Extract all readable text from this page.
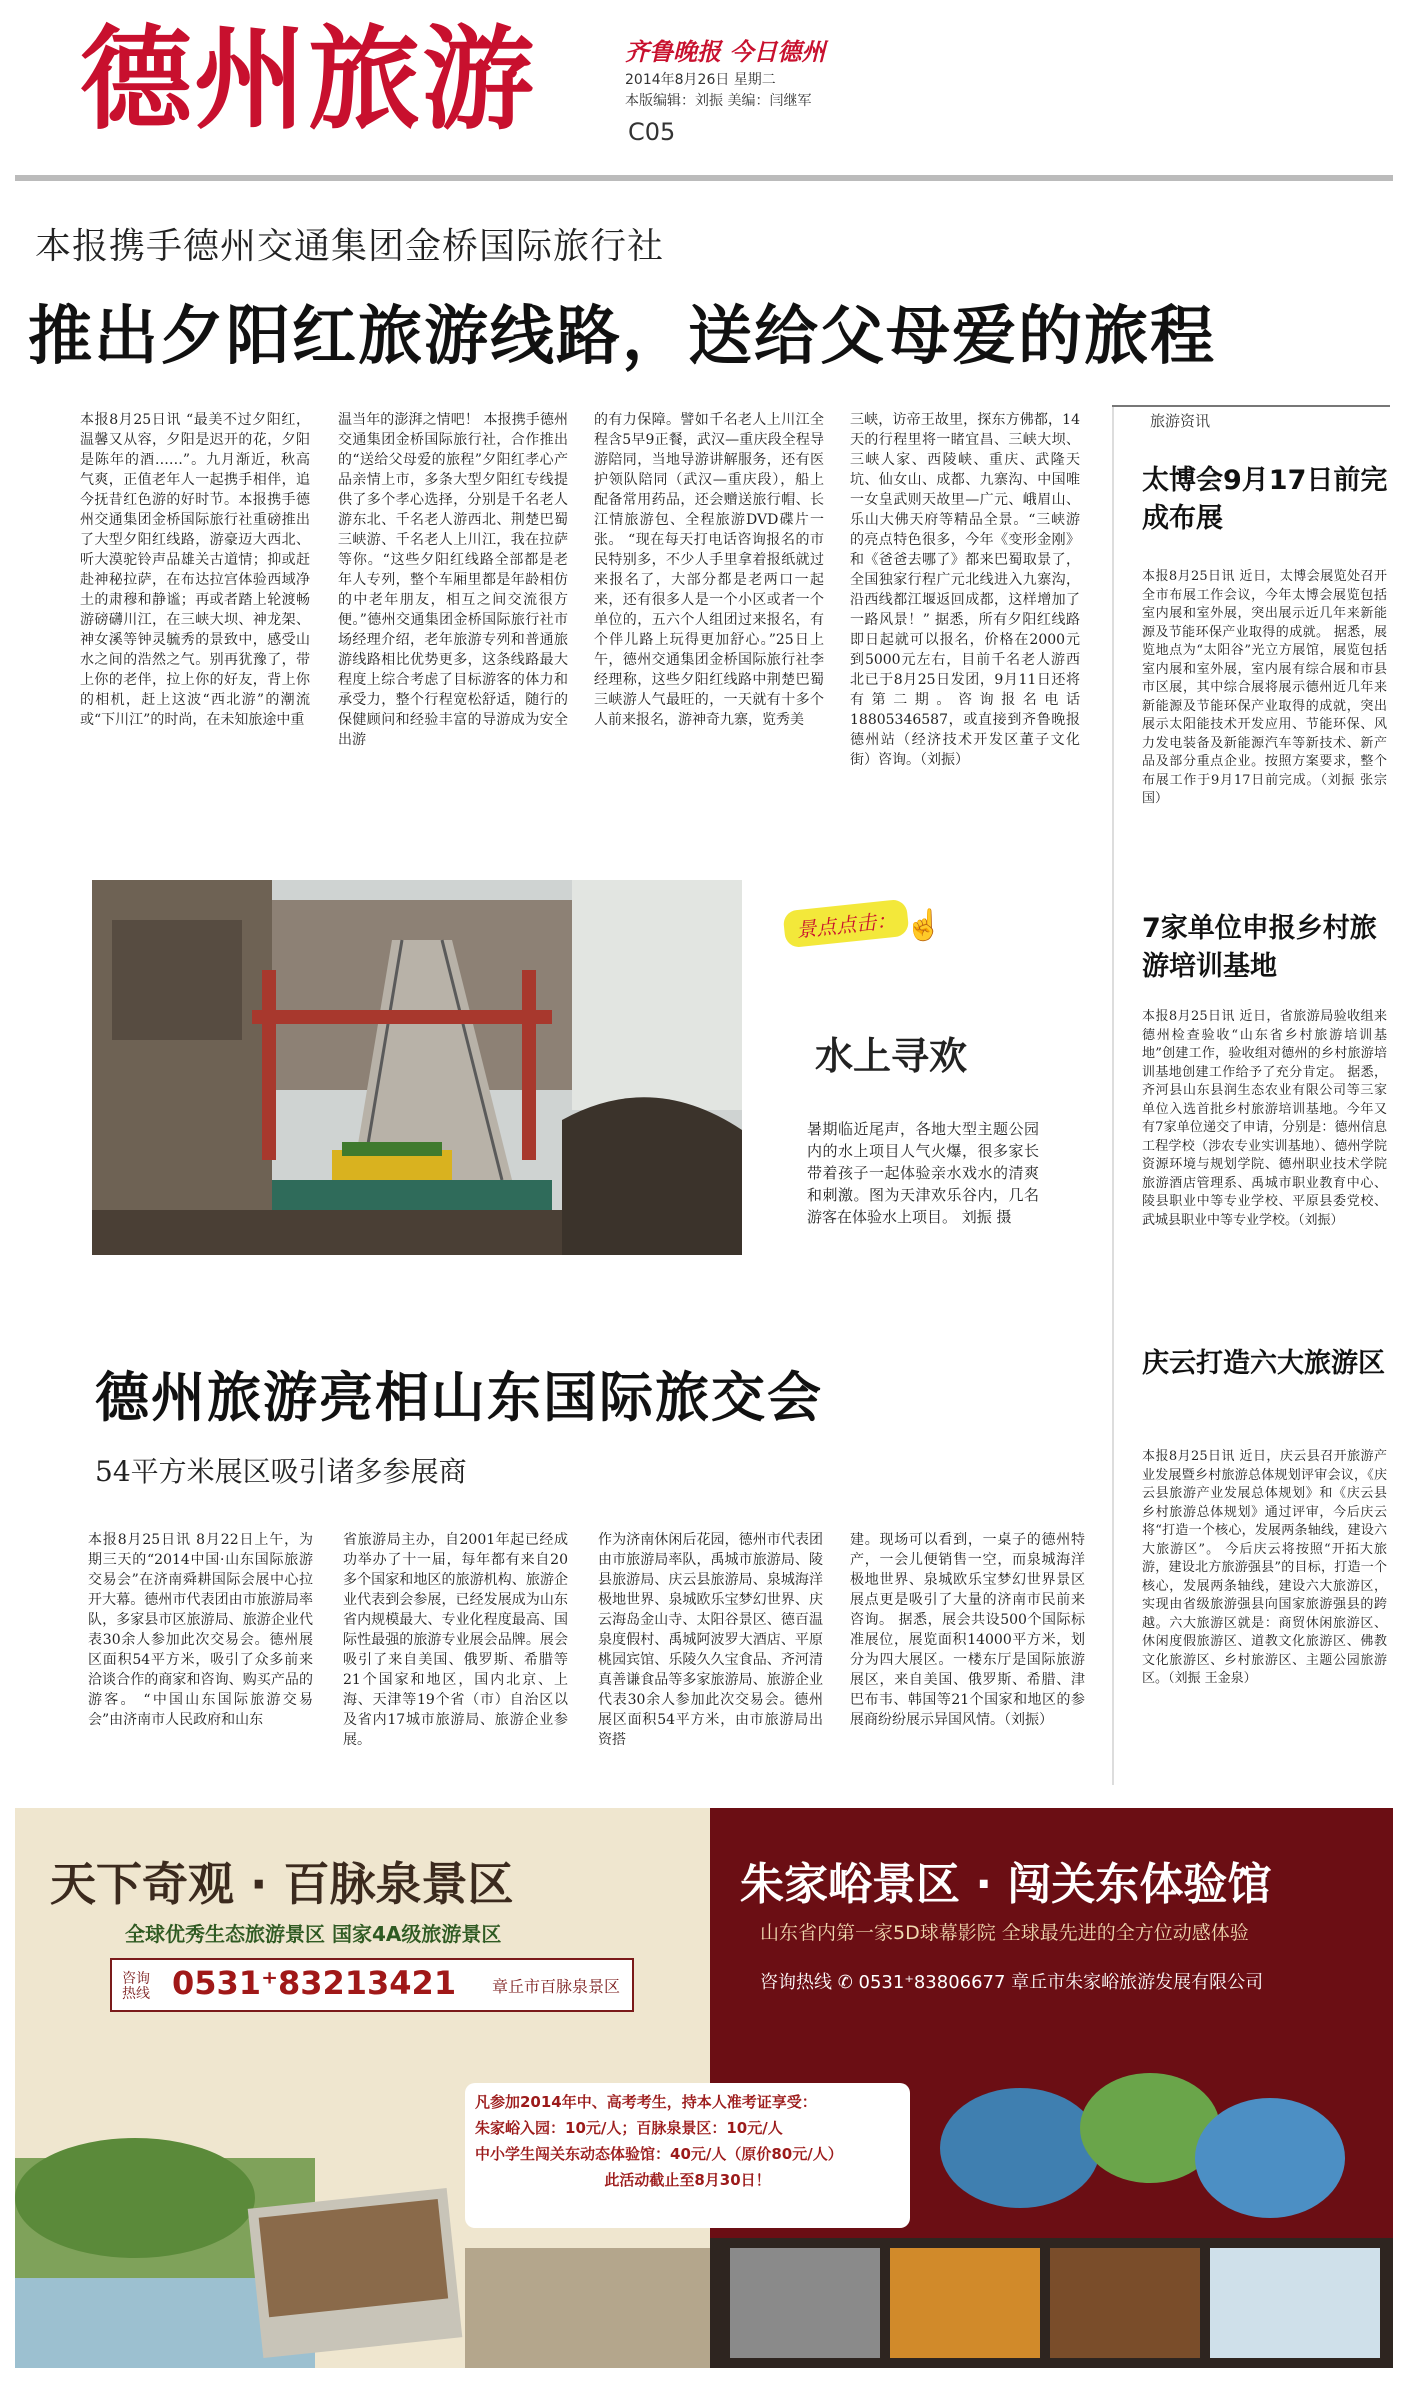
德州旅游	齐鲁晚报 今日德州
2014年8月26日 星期二
本版编辑：刘振 美编：闫继军
C05
本报携手德州交通集团金桥国际旅行社
推出夕阳红旅游线路，送给父母爱的旅程
本报8月25日讯 “最美不过夕阳红，温馨又从容，夕阳是迟开的花，夕阳是陈年的酒……”。九月渐近，秋高气爽，正值老年人一起携手相伴，追今抚昔红色游的好时节。本报携手德州交通集团金桥国际旅行社重磅推出了大型夕阳红线路，游豪迈大西北、听大漠驼铃声品雄关古道情；抑或赶赴神秘拉萨，在布达拉宫体验西域净土的肃穆和静谧；再或者踏上轮渡畅游磅礴川江，在三峡大坝、神龙架、神女溪等钟灵毓秀的景致中，感受山水之间的浩然之气。别再犹豫了，带上你的老伴，拉上你的好友，背上你的相机，赶上这波“西北游”的潮流或“下川江”的时尚，在未知旅途中重
温当年的澎湃之情吧！ 本报携手德州交通集团金桥国际旅行社，合作推出的“送给父母爱的旅程”夕阳红孝心产品亲情上市，多条大型夕阳红专线提供了多个孝心选择，分别是千名老人游东北、千名老人游西北、荆楚巴蜀三峡游、千名老人上川江，我在拉萨等你。“这些夕阳红线路全部都是老年人专列，整个车厢里都是年龄相仿的中老年朋友，相互之间交流很方便。”德州交通集团金桥国际旅行社市场经理介绍，老年旅游专列和普通旅游线路相比优势更多，这条线路最大程度上综合考虑了目标游客的体力和承受力，整个行程宽松舒适，随行的保健顾问和经验丰富的导游成为安全出游
的有力保障。譬如千名老人上川江全程含5早9正餐，武汉—重庆段全程导游陪同，当地导游讲解服务，还有医护领队陪同（武汉—重庆段），船上配备常用药品，还会赠送旅行帽、长江情旅游包、全程旅游DVD碟片一张。 “现在每天打电话咨询报名的市民特别多，不少人手里拿着报纸就过来报名了，大部分都是老两口一起来，还有很多人是一个小区或者一个单位的，五六个人组团过来报名，有个伴儿路上玩得更加舒心。”25日上午，德州交通集团金桥国际旅行社李经理称，这些夕阳红线路中荆楚巴蜀三峡游人气最旺的，一天就有十多个人前来报名，游神奇九寨，览秀美
三峡，访帝王故里，探东方佛都，14天的行程里将一睹宜昌、三峡大坝、三峡人家、西陵峡、重庆、武隆天坑、仙女山、成都、九寨沟、中国唯一女皇武则天故里—广元、峨眉山、乐山大佛天府等精品全景。“三峡游的亮点特色很多，今年《变形金刚》和《爸爸去哪了》都来巴蜀取景了，全国独家行程广元北线进入九寨沟，沿西线都江堰返回成都，这样增加了一路风景！” 据悉，所有夕阳红线路即日起就可以报名，价格在2000元到5000元左右，目前千名老人游西北已于8月25日发团，9月11日还将有第二期。咨询报名电话18805346587，或直接到齐鲁晚报德州站（经济技术开发区董子文化街）咨询。（刘振）
旅游资讯
太博会9月17日前完成布展
本报8月25日讯 近日，太博会展览处召开全市布展工作会议，今年太博会展览包括室内展和室外展，突出展示近几年来新能源及节能环保产业取得的成就。 据悉，展览地点为“太阳谷”光立方展馆，展览包括室内展和室外展，室内展有综合展和市县市区展，其中综合展将展示德州近几年来新能源及节能环保产业取得的成就，突出展示太阳能技术开发应用、节能环保、风力发电装备及新能源汽车等新技术、新产品及部分重点企业。按照方案要求，整个布展工作于9月17日前完成。（刘振 张宗国）
7家单位申报乡村旅游培训基地
本报8月25日讯 近日，省旅游局验收组来德州检查验收“山东省乡村旅游培训基地”创建工作，验收组对德州的乡村旅游培训基地创建工作给予了充分肯定。 据悉，齐河县山东县润生态农业有限公司等三家单位入选首批乡村旅游培训基地。今年又有7家单位递交了申请，分别是：德州信息工程学校（涉农专业实训基地）、德州学院资源环境与规划学院、德州职业技术学院旅游酒店管理系、禹城市职业教育中心、陵县职业中等专业学校、平原县委党校、武城县职业中等专业学校。（刘振）
庆云打造六大旅游区
本报8月25日讯 近日，庆云县召开旅游产业发展暨乡村旅游总体规划评审会议，《庆云县旅游产业发展总体规划》和《庆云县乡村旅游总体规划》通过评审，今后庆云将“打造一个核心，发展两条轴线，建设六大旅游区”。 今后庆云将按照“开拓大旅游，建设北方旅游强县”的目标，打造一个核心，发展两条轴线，建设六大旅游区，实现由省级旅游强县向国家旅游强县的跨越。六大旅游区就是：商贸休闲旅游区、休闲度假旅游区、道教文化旅游区、佛教文化旅游区、乡村旅游区、主题公园旅游区。（刘振 王金泉）
景点点击： ☝
水上寻欢
暑期临近尾声，各地大型主题公园内的水上项目人气火爆，很多家长带着孩子一起体验亲水戏水的清爽和刺激。图为天津欢乐谷内，几名游客在体验水上项目。 刘振 摄
德州旅游亮相山东国际旅交会
54平方米展区吸引诸多参展商
本报8月25日讯 8月22日上午，为期三天的“2014中国·山东国际旅游交易会”在济南舜耕国际会展中心拉开大幕。德州市代表团由市旅游局率队，多家县市区旅游局、旅游企业代表30余人参加此次交易会。德州展区面积54平方米，吸引了众多前来洽谈合作的商家和咨询、购买产品的游客。 “中国山东国际旅游交易会”由济南市人民政府和山东
省旅游局主办，自2001年起已经成功举办了十一届，每年都有来自20多个国家和地区的旅游机构、旅游企业代表到会参展，已经发展成为山东省内规模最大、专业化程度最高、国际性最强的旅游专业展会品牌。展会吸引了来自美国、俄罗斯、希腊等21个国家和地区，国内北京、上海、天津等19个省（市）自治区以及省内17城市旅游局、旅游企业参展。
作为济南休闲后花园，德州市代表团由市旅游局率队，禹城市旅游局、陵县旅游局、庆云县旅游局、泉城海洋极地世界、泉城欧乐宝梦幻世界、庆云海岛金山寺、太阳谷景区、德百温泉度假村、禹城阿波罗大酒店、平原桃园宾馆、乐陵久久宝食品、齐河清真善谦食品等多家旅游局、旅游企业代表30余人参加此次交易会。德州展区面积54平方米，由市旅游局出资搭
建。现场可以看到，一桌子的德州特产，一会儿便销售一空，而泉城海洋极地世界、泉城欧乐宝梦幻世界景区展点更是吸引了大量的济南市民前来咨询。 据悉，展会共设500个国际标准展位，展览面积14000平方米，划分为四大展区。一楼东厅是国际旅游展区，来自美国、俄罗斯、希腊、津巴布韦、韩国等21个国家和地区的参展商纷纷展示异国风情。（刘振）
天下奇观 · 百脉泉景区
全球优秀生态旅游景区 国家4A级旅游景区
咨询热线 0531⁺83213421 章丘市百脉泉景区
朱家峪景区 · 闯关东体验馆
山东省内第一家5D球幕影院 全球最先进的全方位动感体验
咨询热线 ✆ 0531⁺83806677 章丘市朱家峪旅游发展有限公司
凡参加2014年中、高考考生，持本人准考证享受：
朱家峪入园：10元/人；百脉泉景区：10元/人
中小学生闯关东动态体验馆：40元/人（原价80元/人）
此活动截止至8月30日！
